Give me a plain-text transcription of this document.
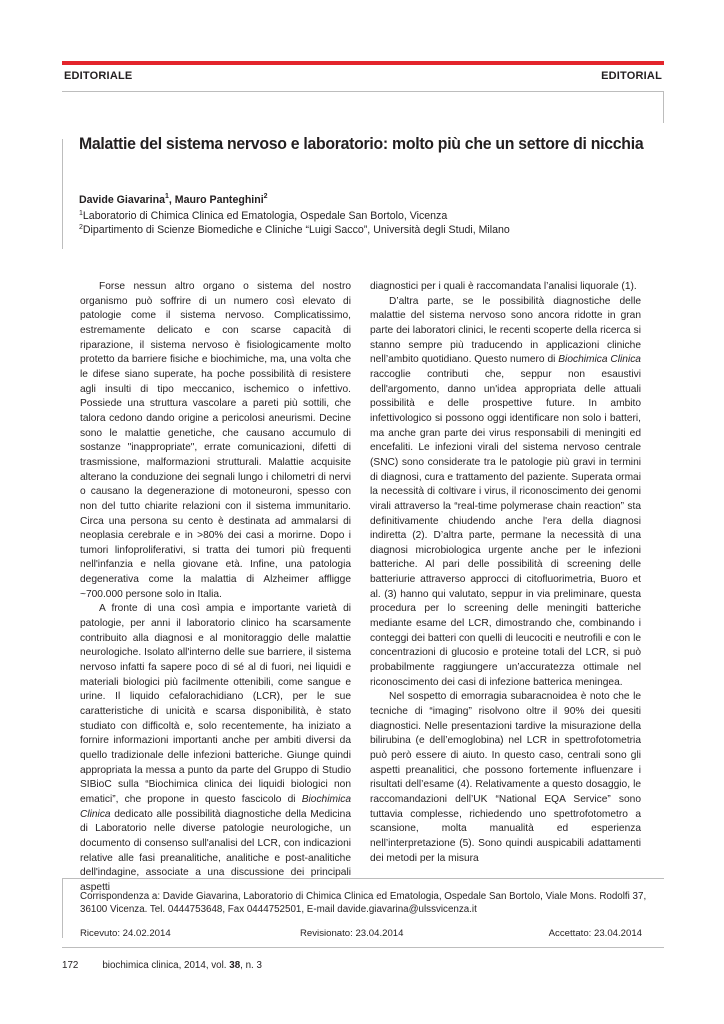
EDITORIALE	EDITORIAL
Malattie del sistema nervoso e laboratorio: molto più che un settore di nicchia
Davide Giavarina$^1$, Mauro Panteghini$^2$
$^1$Laboratorio di Chimica Clinica ed Ematologia, Ospedale San Bortolo, Vicenza
$^2$Dipartimento di Scienze Biomediche e Cliniche “Luigi Sacco”, Università degli Studi, Milano

Forse nessun altro organo o sistema del nostro organismo può soffrire di un numero così elevato di patologie come il sistema nervoso. Complicatissimo, estremamente delicato e con scarse capacità di riparazione, il sistema nervoso è fisiologicamente molto protetto da barriere fisiche e biochimiche, ma, una volta che le difese siano superate, ha poche possibilità di resistere agli insulti di tipo meccanico, ischemico o infettivo. Possiede una struttura vascolare a pareti più sottili, che talora cedono dando origine a pericolosi aneurismi. Decine sono le malattie genetiche, che causano accumulo di sostanze "inappropriate", errate comunicazioni, difetti di trasmissione, malformazioni strutturali. Malattie acquisite alterano la conduzione dei segnali lungo i chilometri di nervi o causano la degenerazione di motoneuroni, spesso con non del tutto chiarite relazioni con il sistema immunitario. Circa una persona su cento è destinata ad ammalarsi di neoplasia cerebrale e in >80% dei casi a morirne. Dopo i tumori linfoproliferativi, si tratta dei tumori più frequenti nell'infanzia e nella giovane età. Infine, una patologia degenerativa come la malattia di Alzheimer affligge ~700.000 persone solo in Italia.

A fronte di una così ampia e importante varietà di patologie, per anni il laboratorio clinico ha scarsamente contribuito alla diagnosi e al monitoraggio delle malattie neurologiche. Isolato all'interno delle sue barriere, il sistema nervoso infatti fa sapere poco di sé al di fuori, nei liquidi e materiali biologici più facilmente ottenibili, come sangue e urine. Il liquido cefalorachidiano (LCR), per le sue caratteristiche di unicità e scarsa disponibilità, è stato studiato con difficoltà e, solo recentemente, ha iniziato a fornire informazioni importanti anche per ambiti diversi da quello tradizionale delle infezioni batteriche. Giunge quindi appropriata la messa a punto da parte del Gruppo di Studio SIBioC sulla “Biochimica clinica dei liquidi biologici non ematici”, che propone in questo fascicolo di Biochimica Clinica dedicato alle possibilità diagnostiche della Medicina di Laboratorio nelle diverse patologie neurologiche, un documento di consenso sull'analisi del LCR, con indicazioni relative alle fasi preanalitiche, analitiche e post-analitiche dell'indagine, associate a una discussione dei principali aspetti

diagnostici per i quali è raccomandata l’analisi liquorale (1).

D’altra parte, se le possibilità diagnostiche delle malattie del sistema nervoso sono ancora ridotte in gran parte dei laboratori clinici, le recenti scoperte della ricerca si stanno sempre più traducendo in applicazioni cliniche nell’ambito quotidiano. Questo numero di Biochimica Clinica raccoglie contributi che, seppur non esaustivi dell'argomento, danno un'idea appropriata delle attuali possibilità e delle prospettive future. In ambito infettivologico si possono oggi identificare non solo i batteri, ma anche gran parte dei virus responsabili di meningiti ed encefaliti. Le infezioni virali del sistema nervoso centrale (SNC) sono considerate tra le patologie più gravi in termini di diagnosi, cura e trattamento del paziente. Superata ormai la necessità di coltivare i virus, il riconoscimento dei genomi virali attraverso la “real-time polymerase chain reaction” sta definitivamente chiudendo anche l'era della diagnosi indiretta (2). D’altra parte, permane la necessità di una diagnosi microbiologica urgente anche per le infezioni batteriche. Al pari delle possibilità di screening delle batteriurie attraverso approcci di citofluorimetria, Buoro et al. (3) hanno qui valutato, seppur in via preliminare, questa procedura per lo screening delle meningiti batteriche mediante esame del LCR, dimostrando che, combinando i conteggi dei batteri con quelli di leucociti e neutrofili e con le concentrazioni di glucosio e proteine totali del LCR, si può probabilmente raggiungere un’accuratezza ottimale nel riconoscimento dei casi di infezione batterica meningea.

Nel sospetto di emorragia subaracnoidea è noto che le tecniche di “imaging” risolvono oltre il 90% dei quesiti diagnostici. Nelle presentazioni tardive la misurazione della bilirubina (e dell’emoglobina) nel LCR in spettrofotometria può però essere di aiuto. In questo caso, centrali sono gli aspetti preanalitici, che possono fortemente influenzare i risultati dell’esame (4). Relativamente a questo dosaggio, le raccomandazioni dell’UK “National EQA Service” sono tuttavia complesse, richiedendo uno spettrofotometro a scansione, molta manualità ed esperienza nell’interpretazione (5). Sono quindi auspicabili adattamenti dei metodi per la misura

Corrispondenza a: Davide Giavarina, Laboratorio di Chimica Clinica ed Ematologia, Ospedale San Bortolo, Viale Mons. Rodolfi 37,
36100 Vicenza. Tel. 0444753648, Fax 0444752501, E-mail davide.giavarina@ulssvicenza.it
Ricevuto: 24.02.2014	Revisionato: 23.04.2014	Accettato: 23.04.2014
172 biochimica clinica, 2014, vol. 38, n. 3
